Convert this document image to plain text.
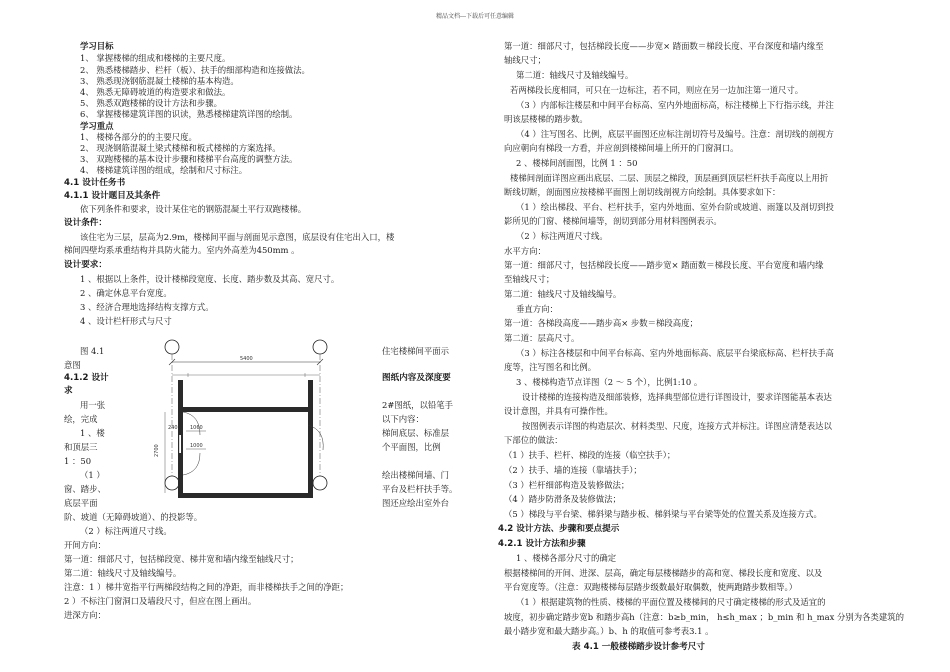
精品文档---下载后可任意编辑
学习目标
1、 掌握楼梯的组成和楼梯的主要尺度。
2、 熟悉楼梯踏步、栏杆（板）、扶手的细部构造和连接做法。
3、 熟悉现浇钢筋混凝土楼梯的基本构造。
4、 熟悉无障碍坡道的构造要求和做法。
5、 熟悉双跑楼梯的设计方法和步骤。
6、 掌握楼梯建筑详图的识读，熟悉楼梯建筑详图的绘制。
学习重点
1、 楼梯各部分的的主要尺度。
2、 现浇钢筋混凝土梁式楼梯和板式楼梯的方案选择。
3、 双跑楼梯的基本设计步骤和楼梯平台高度的调整方法。
4、 楼梯建筑详图的组成，绘制和尺寸标注。
4.1 设计任务书
4.1.1 设计题目及其条件
依下列条件和要求，设计某住宅的钢筋混凝土平行双跑楼梯。
设计条件：
该住宅为三层，层高为2.9m，楼梯间平面与剖面见示意图，底层设有住宅出入口，楼
梯间四壁均系承重结构并具防火能力。室内外高差为450mm 。
设计要求：
1 、根据以上条件，设计楼梯段宽度、长度、踏步数及其高、宽尺寸。
2 、确定休息平台宽度。
3 、经济合理地选择结构支撑方式。
4 、设计栏杆形式与尺寸
图 4.1
意图
4.1.2 设计
求
用一张
绘，完成
1 、楼
和顶层三
1 ：50
（1 ）
窗、踏步、
底层平面
阶、坡道（无障碍坡道）、的投影等。
（2 ）标注两道尺寸线。
开间方向：
第一道：细部尺寸，包括梯段宽、梯井宽和墙内缘至轴线尺寸；
第二道：轴线尺寸及轴线编号。
注意：1 ）梯井宽指平行两梯段结构之间的净距，而非楼梯扶手之间的净距；
2 ）不标注门窗洞口及墙段尺寸，但应在图上画出。
进深方向：
住宅楼梯间平面示
图纸内容及深度要
2#图纸，以铅笔手
以下内容：
梯间底层、标准层
个平面图，比例
绘出楼梯间墙、门
平台及栏杆扶手等。
图还应绘出室外台
第一道：细部尺寸，包括梯段长度——步宽× 踏面数＝梯段长度、平台深度和墙内缘至
轴线尺寸；
第二道：轴线尺寸及轴线编号。
若两梯段长度相同，可只在一边标注，若不同，则应在另一边加注第一道尺寸。
（3 ）内部标注楼层和中间平台标高、室内外地面标高，标注楼梯上下行指示线，并注
明该层楼梯的踏步数。
（4 ）注写图名、比例，底层平面图还应标注剖切符号及编号。注意：剖切线的剖视方
向应朝向有梯段一方看，并应剖到楼梯间墙上所开的门窗洞口。
2 、楼梯间剖面图，比例 1 ：50
楼梯间剖面详图应画出底层、二层、顶层之梯段，顶层画到顶层栏杆扶手高度以上用折
断线切断，剖面图应按楼梯平面图上剖切线剖视方向绘制。具体要求如下：
（1 ）绘出梯段、平台、栏杆扶手，室内外地面、室外台阶或坡道、雨篷以及剖切到投
影所见的门窗、楼梯间墙等，剖切到部分用材料图例表示。
（2 ）标注两道尺寸线。
水平方向：
第一道：细部尺寸，包括梯段长度——踏步宽× 踏面数＝梯段长度、平台宽度和墙内缘
至轴线尺寸；
第二道：轴线尺寸及轴线编号。
垂直方向：
第一道：各梯段高度——踏步高× 步数＝梯段高度；
第二道：层高尺寸。
（3 ）标注各楼层和中间平台标高、室内外地面标高、底层平台梁底标高、栏杆扶手高
度等，注写图名和比例。
3 、楼梯构造节点详图（2 ～ 5 个），比例1:10 。
设计楼梯的连接构造及细部装修，选择典型部位进行详图设计，要求详图能基本表达
设计意图，并具有可操作性。
按图例表示详图的构造层次、材料类型、尺度，连接方式并标注。详图应清楚表达以
下部位的做法：
（1 ）扶手、栏杆、梯段的连接（临空扶手）；
（2 ）扶手、墙的连接（靠墙扶手）；
（3 ）栏杆细部构造及装修做法；
（4 ）踏步防滑条及装修做法；
（5 ）梯段与平台梁、梯斜梁与踏步板、梯斜梁与平台梁等处的位置关系及连接方式。
4.2 设计方法、步骤和要点提示
4.2.1 设计方法和步骤
1 、楼梯各部分尺寸的确定
根据楼梯间的开间、进深、层高，确定每层楼梯踏步的高和宽、梯段长度和宽度、以及
平台宽度等。（注意：双跑楼梯每层踏步级数最好取偶数，使两跑踏步数相等。）
（1 ）根据建筑物的性质、楼梯的平面位置及楼梯间的尺寸确定楼梯的形式及适宜的
坡度，初步确定踏步宽b 和踏步高h（注意：b≥b_min， h≤h_max ；b_min 和 h_max 分别为各类建筑的
最小踏步宽和最大踏步高。）b、h 的取值可参考表3.1 。
表 4.1 一般楼梯踏步设计参考尺寸
5400
2700
240 1060
1000
